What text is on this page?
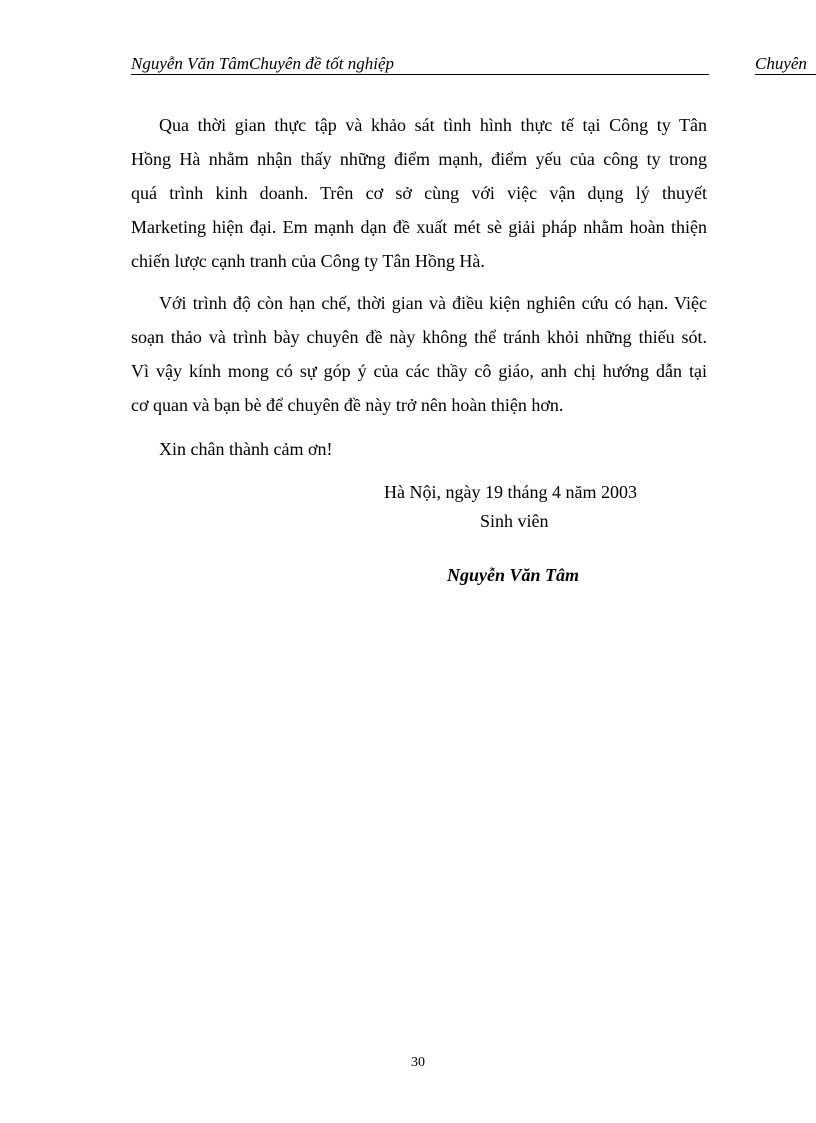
Nguyễn Văn TâmChuyên đề tốt nghiệp	Chuyên
Qua thời gian thực tập và khảo sát tình hình thực tế tại Công ty Tân
Hồng Hà nhằm nhận thấy những điểm mạnh, điểm yếu của công ty trong
quá trình kinh doanh. Trên cơ sở cùng với việc vận dụng lý thuyết
Marketing hiện đại. Em mạnh dạn đề xuất mét sè giải pháp nhằm hoàn thiện
chiến lược cạnh tranh của Công ty Tân Hồng Hà.
Với trình độ còn hạn chế, thời gian và điều kiện nghiên cứu có hạn. Việc
soạn thảo và trình bày chuyên đề này không thể tránh khỏi những thiếu sót.
Vì vậy kính mong có sự góp ý của các thầy cô giáo, anh chị hướng dẫn tại
cơ quan và bạn bè để chuyên đề này trở nên hoàn thiện hơn.
Xin chân thành cảm ơn!
Hà Nội, ngày 19 tháng 4 năm 2003
Sinh viên
Nguyễn Văn Tâm
30
